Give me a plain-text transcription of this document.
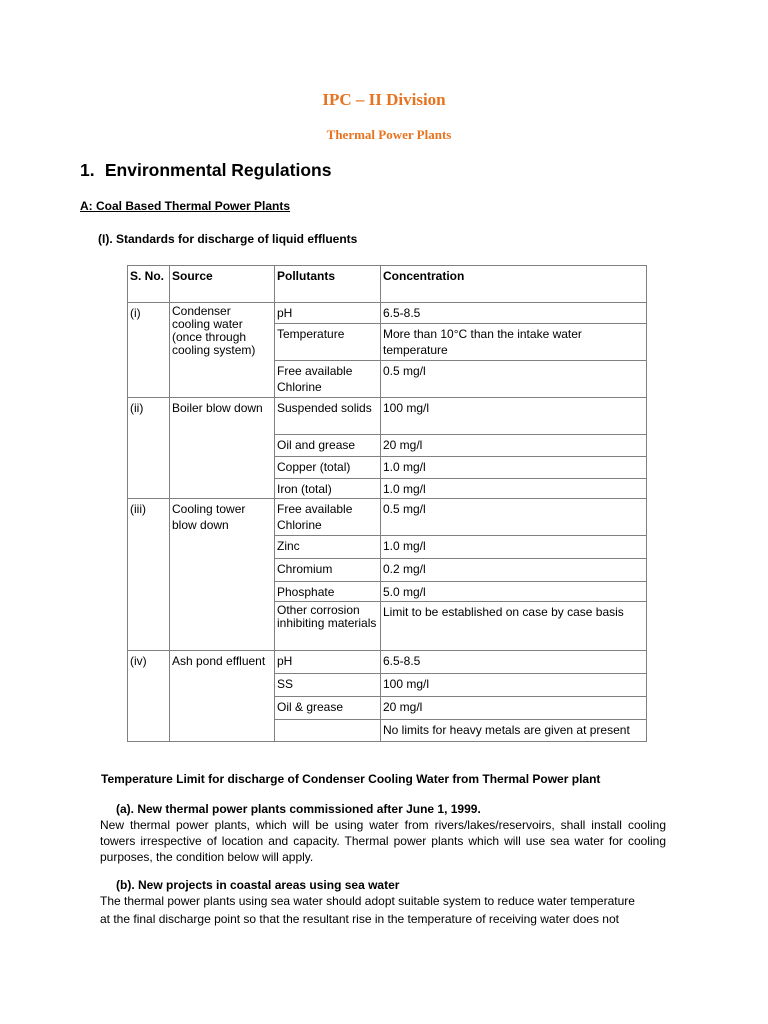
IPC – II Division
Thermal Power Plants
1. Environmental Regulations
A: Coal Based Thermal Power Plants
(I). Standards for discharge of liquid effluents
S. No.	Source	Pollutants	Concentration
(i)	Condenser cooling water (once through cooling system)	pH	6.5-8.5
		Temperature	More than 10°C than the intake water temperature
		Free available Chlorine	0.5 mg/l
(ii)	Boiler blow down	Suspended solids	100 mg/l
		Oil and grease	20 mg/l
		Copper (total)	1.0 mg/l
		Iron (total)	1.0 mg/l
(iii)	Cooling tower blow down	Free available Chlorine	0.5 mg/l
		Zinc	1.0 mg/l
		Chromium	0.2 mg/l
		Phosphate	5.0 mg/l
		Other corrosion inhibiting materials	Limit to be established on case by case basis
(iv)	Ash pond effluent	pH	6.5-8.5
		SS	100 mg/l
		Oil & grease	20 mg/l
			No limits for heavy metals are given at present
Temperature Limit for discharge of Condenser Cooling Water from Thermal Power plant
(a). New thermal power plants commissioned after June 1, 1999.
New thermal power plants, which will be using water from rivers/lakes/reservoirs, shall install cooling towers irrespective of location and capacity. Thermal power plants which will use sea water for cooling purposes, the condition below will apply.
(b). New projects in coastal areas using sea water
The thermal power plants using sea water should adopt suitable system to reduce water temperature
at the final discharge point so that the resultant rise in the temperature of receiving water does not
